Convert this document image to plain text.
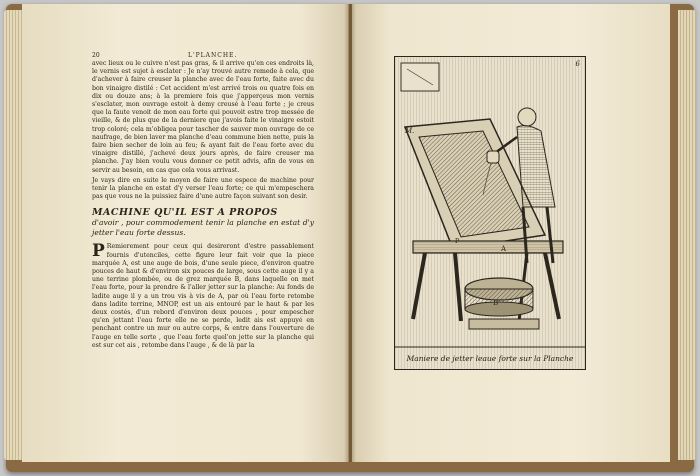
20	L'PLANCHE.

avec lieux ou le cuivre n'est pas gras, & il arrive qu'en ces endroits là, le vernis est sujet à esclater : Je n'ay trouvé autre remede à cela, que d'achever à faire creuser la planche avec de l'eau forte, faite avec du bon vinaigre distilé : Cet accident m'est arrivé trois ou quatre fois en dix ou douze ans; à la premiere fois que j'apperçeus mon vernis s'esclater, mon ouvrage estoit à demy creusé à l'eau forte ; je creus que la faute venoit de mon eau forte qui pouvoit estre trop messée de vieille, & de plus que de la derniere que j'avois faite le vinaigre estoit trop coloré; cela m'obligea pour tascher de sauver mon ouvrage de ce naufrage, de bien laver ma planche d'eau commune bien nette, puis la faire bien secher de loin au feu; & ayant fait de l'eau forte avec du vinaigre distillé, j'achevé deux jours après, de faire creuser ma planche. J'ay bien voulu vous donner ce petit advis, afin de vous en servir au besoin, en cas que cela vous arrivast.

Je vays dire en suite le moyen de faire une espece de machine pour tenir la planche en estat d'y verser l'eau forte; ce qui m'empeschera pas que vous ne la puissiez faire d'une autre façon suivant son desir.

MACHINE QU'IL EST A PROPOS

d'avoir , pour commodement tenir la planche en estat d'y jetter l'eau forte dessus.

P Remierement pour ceux qui desireront d'estre passablement fournis d'utenciles, cette figure leur fait voir que la piece marquée A, est une auge de bois, d'une seule piece, d'environ quatre pouces de haut & d'environ six pouces de large, sous cette auge il y a une terrine plombée, ou de grez marquée B, dans laquelle on met l'eau forte, pour la prendre & l'aller jetter sur la planche: Au fonds de ladite auge il y a un trou vis à vis de A, par où l'eau forte retombe dans ladite terrine, MNOP, est un ais entouré par le haut & par les deux costés, d'un rebord d'environ deux pouces , pour empescher qu'en jettant l'eau forte elle ne se perde, ledit ais est appuyé en penchant contre un mur ou autre corps, & entre dans l'ouverture de l'auge en telle sorte , que l'eau forte quel'on jette sur la planche qui est sur cet ais , retombe dans l'auge , & de là par la

M.
A
B
P
6
Maniere de jetter leaue forte sur la Planche
